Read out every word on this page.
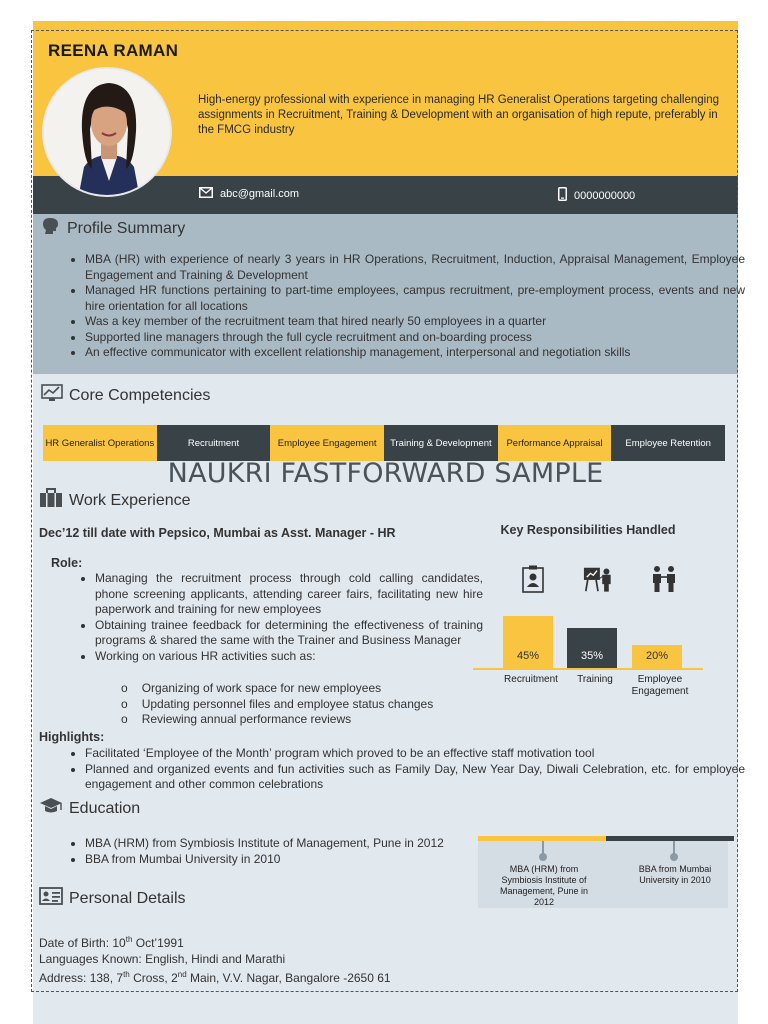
REENA RAMAN
High-energy professional with experience in managing HR Generalist Operations targeting challenging assignments in Recruitment, Training & Development with an organisation of high repute, preferably in the FMCG industry
abc@gmail.com	0000000000
Profile Summary
• MBA (HR) with experience of nearly 3 years in HR Operations, Recruitment, Induction, Appraisal Management, Employee Engagement and Training & Development
• Managed HR functions pertaining to part-time employees, campus recruitment, pre-employment process, events and new hire orientation for all locations
• Was a key member of the recruitment team that hired nearly 50 employees in a quarter
• Supported line managers through the full cycle recruitment and on-boarding process
• An effective communicator with excellent relationship management, interpersonal and negotiation skills
Core Competencies
HR Generalist Operations	Recruitment	Employee Engagement	Training & Development	Performance Appraisal	Employee Retention
NAUKRI FASTFORWARD SAMPLE
Work Experience
Dec’12 till date with Pepsico, Mumbai as Asst. Manager - HR
Role:
• Managing the recruitment process through cold calling candidates, phone screening applicants, attending career fairs, facilitating new hire paperwork and training for new employees
• Obtaining trainee feedback for determining the effectiveness of training programs & shared the same with the Trainer and Business Manager
• Working on various HR activities such as:
o Organizing of work space for new employees
o Updating personnel files and employee status changes
o Reviewing annual performance reviews
Highlights:
• Facilitated ‘Employee of the Month’ program which proved to be an effective staff motivation tool
• Planned and organized events and fun activities such as Family Day, New Year Day, Diwali Celebration, etc. for employee engagement and other common celebrations
Key Responsibilities Handled
45%	35%	20%
Recruitment	Training	Employee Engagement
Education
• MBA (HRM) from Symbiosis Institute of Management, Pune in 2012
• BBA from Mumbai University in 2010
MBA (HRM) from Symbiosis Institute of Management, Pune in 2012
BBA from Mumbai University in 2010
Personal Details
Date of Birth: 10th Oct’1991
Languages Known: English, Hindi and Marathi
Address: 138, 7th Cross, 2nd Main, V.V. Nagar, Bangalore -2650 61
